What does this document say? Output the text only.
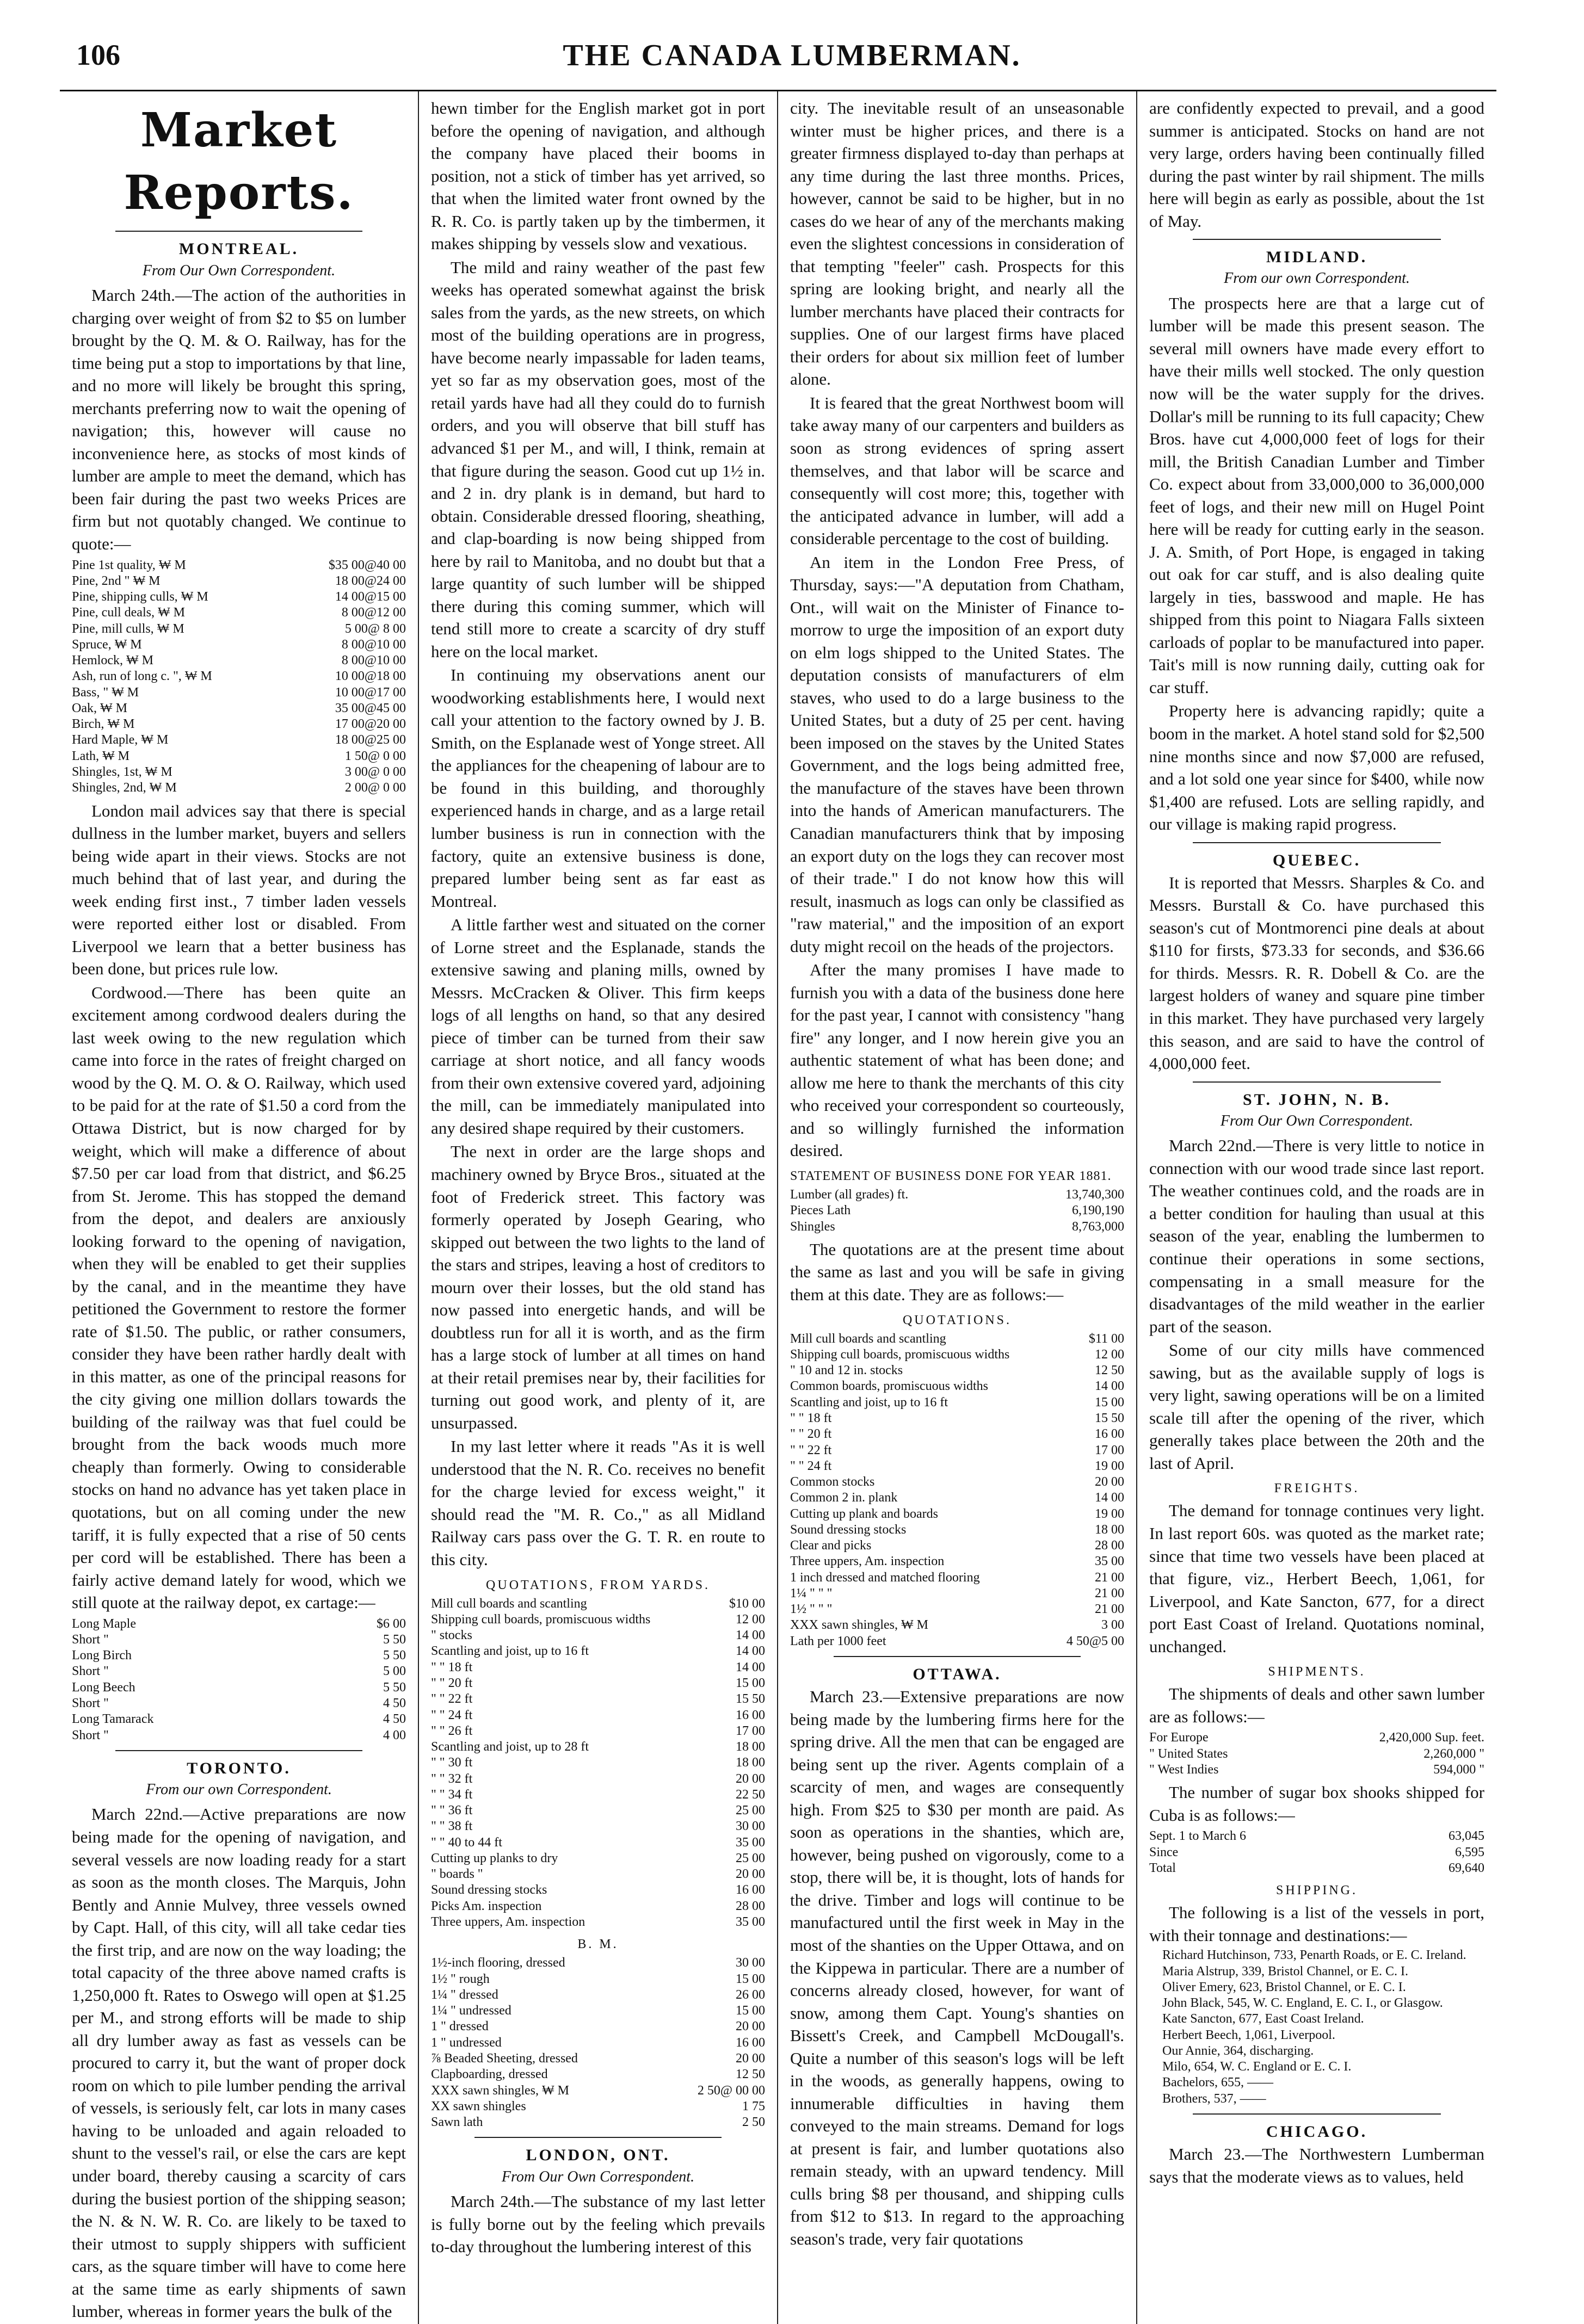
106	THE CANADA LUMBERMAN.
Market Reports.
MONTREAL.
From Our Own Correspondent.

March 24th.—The action of the authorities in charging over weight of from $2 to $5 on lumber brought by the Q. M. & O. Railway, has for the time being put a stop to importations by that line, and no more will likely be brought this spring, merchants preferring now to wait the opening of navigation; this, however will cause no inconvenience here, as stocks of most kinds of lumber are ample to meet the demand, which has been fair during the past two weeks Prices are firm but not quotably changed. We continue to quote:—

Pine 1st quality, ₩ M	$35 00@40 00
Pine, 2nd " ₩ M	18 00@24 00
Pine, shipping culls, ₩ M	14 00@15 00
Pine, cull deals, ₩ M	8 00@12 00
Pine, mill culls, ₩ M	5 00@ 8 00
Spruce, ₩ M	8 00@10 00
Hemlock, ₩ M	8 00@10 00
Ash, run of long c. ", ₩ M	10 00@18 00
Bass, " ₩ M	10 00@17 00
Oak, ₩ M	35 00@45 00
Birch, ₩ M	17 00@20 00
Hard Maple, ₩ M	18 00@25 00
Lath, ₩ M	1 50@ 0 00
Shingles, 1st, ₩ M	3 00@ 0 00
Shingles, 2nd, ₩ M	2 00@ 0 00

London mail advices say that there is special dullness in the lumber market, buyers and sellers being wide apart in their views. Stocks are not much behind that of last year, and during the week ending first inst., 7 timber laden vessels were reported either lost or disabled. From Liverpool we learn that a better business has been done, but prices rule low.

Cordwood.—There has been quite an excitement among cordwood dealers during the last week owing to the new regulation which came into force in the rates of freight charged on wood by the Q. M. O. & O. Railway, which used to be paid for at the rate of $1.50 a cord from the Ottawa District, but is now charged for by weight, which will make a difference of about $7.50 per car load from that district, and $6.25 from St. Jerome. This has stopped the demand from the depot, and dealers are anxiously looking forward to the opening of navigation, when they will be enabled to get their supplies by the canal, and in the meantime they have petitioned the Government to restore the former rate of $1.50. The public, or rather consumers, consider they have been rather hardly dealt with in this matter, as one of the principal reasons for the city giving one million dollars towards the building of the railway was that fuel could be brought from the back woods much more cheaply than formerly. Owing to considerable stocks on hand no advance has yet taken place in quotations, but on all coming under the new tariff, it is fully expected that a rise of 50 cents per cord will be established. There has been a fairly active demand lately for wood, which we still quote at the railway depot, ex cartage:—

Long Maple	$6 00
Short "	5 50
Long Birch	5 50
Short "	5 00
Long Beech	5 50
Short "	4 50
Long Tamarack	4 50
Short "	4 00
TORONTO.
From our own Correspondent.

March 22nd.—Active preparations are now being made for the opening of navigation, and several vessels are now loading ready for a start as soon as the month closes. The Marquis, John Bently and Annie Mulvey, three vessels owned by Capt. Hall, of this city, will all take cedar ties the first trip, and are now on the way loading; the total capacity of the three above named crafts is 1,250,000 ft. Rates to Oswego will open at $1.25 per M., and strong efforts will be made to ship all dry lumber away as fast as vessels can be procured to carry it, but the want of proper dock room on which to pile lumber pending the arrival of vessels, is seriously felt, car lots in many cases having to be unloaded and again reloaded to shunt to the vessel's rail, or else the cars are kept under board, thereby causing a scarcity of cars during the busiest portion of the shipping season; the N. & N. W. R. Co. are likely to be taxed to their utmost to supply shippers with sufficient cars, as the square timber will have to come here at the same time as early shipments of sawn lumber, whereas in former years the bulk of the

hewn timber for the English market got in port before the opening of navigation, and although the company have placed their booms in position, not a stick of timber has yet arrived, so that when the limited water front owned by the R. R. Co. is partly taken up by the timbermen, it makes shipping by vessels slow and vexatious.

The mild and rainy weather of the past few weeks has operated somewhat against the brisk sales from the yards, as the new streets, on which most of the building operations are in progress, have become nearly impassable for laden teams, yet so far as my observation goes, most of the retail yards have had all they could do to furnish orders, and you will observe that bill stuff has advanced $1 per M., and will, I think, remain at that figure during the season. Good cut up 1½ in. and 2 in. dry plank is in demand, but hard to obtain. Considerable dressed flooring, sheathing, and clap-boarding is now being shipped from here by rail to Manitoba, and no doubt but that a large quantity of such lumber will be shipped there during this coming summer, which will tend still more to create a scarcity of dry stuff here on the local market.

In continuing my observations anent our woodworking establishments here, I would next call your attention to the factory owned by J. B. Smith, on the Esplanade west of Yonge street. All the appliances for the cheapening of labour are to be found in this building, and thoroughly experienced hands in charge, and as a large retail lumber business is run in connection with the factory, quite an extensive business is done, prepared lumber being sent as far east as Montreal.

A little farther west and situated on the corner of Lorne street and the Esplanade, stands the extensive sawing and planing mills, owned by Messrs. McCracken & Oliver. This firm keeps logs of all lengths on hand, so that any desired piece of timber can be turned from their saw carriage at short notice, and all fancy woods from their own extensive covered yard, adjoining the mill, can be immediately manipulated into any desired shape required by their customers.

The next in order are the large shops and machinery owned by Bryce Bros., situated at the foot of Frederick street. This factory was formerly operated by Joseph Gearing, who skipped out between the two lights to the land of the stars and stripes, leaving a host of creditors to mourn over their losses, but the old stand has now passed into energetic hands, and will be doubtless run for all it is worth, and as the firm has a large stock of lumber at all times on hand at their retail premises near by, their facilities for turning out good work, and plenty of it, are unsurpassed.

In my last letter where it reads "As it is well understood that the N. R. Co. receives no benefit for the charge levied for excess weight," it should read the "M. R. Co.," as all Midland Railway cars pass over the G. T. R. en route to this city.

QUOTATIONS, FROM YARDS.
Mill cull boards and scantling	$10 00
Shipping cull boards, promiscuous widths	12 00
" stocks	14 00
Scantling and joist, up to 16 ft	14 00
" " 18 ft	14 00
" " 20 ft	15 00
" " 22 ft	15 50
" " 24 ft	16 00
" " 26 ft	17 00
Scantling and joist, up to 28 ft	18 00
" " 30 ft	18 00
" " 32 ft	20 00
" " 34 ft	22 50
" " 36 ft	25 00
" " 38 ft	30 00
" " 40 to 44 ft	35 00
Cutting up planks to dry	25 00
" boards "	20 00
Sound dressing stocks	16 00
Picks Am. inspection	28 00
Three uppers, Am. inspection	35 00
B. M.
1½-inch flooring, dressed	30 00
1½ " rough	15 00
1¼ " dressed	26 00
1¼ " undressed	15 00
1 " dressed	20 00
1 " undressed	16 00
⅞ Beaded Sheeting, dressed	20 00
Clapboarding, dressed	12 50
XXX sawn shingles, ₩ M	2 50@ 00 00
XX sawn shingles	1 75
Sawn lath	2 50
LONDON, ONT.
From Our Own Correspondent.

March 24th.—The substance of my last letter is fully borne out by the feeling which prevails to-day throughout the lumbering interest of this

city. The inevitable result of an unseasonable winter must be higher prices, and there is a greater firmness displayed to-day than perhaps at any time during the last three months. Prices, however, cannot be said to be higher, but in no cases do we hear of any of the merchants making even the slightest concessions in consideration of that tempting "feeler" cash. Prospects for this spring are looking bright, and nearly all the lumber merchants have placed their contracts for supplies. One of our largest firms have placed their orders for about six million feet of lumber alone.

It is feared that the great Northwest boom will take away many of our carpenters and builders as soon as strong evidences of spring assert themselves, and that labor will be scarce and consequently will cost more; this, together with the anticipated advance in lumber, will add a considerable percentage to the cost of building.

An item in the London Free Press, of Thursday, says:—"A deputation from Chatham, Ont., will wait on the Minister of Finance to-morrow to urge the imposition of an export duty on elm logs shipped to the United States. The deputation consists of manufacturers of elm staves, who used to do a large business to the United States, but a duty of 25 per cent. having been imposed on the staves by the United States Government, and the logs being admitted free, the manufacture of the staves have been thrown into the hands of American manufacturers. The Canadian manufacturers think that by imposing an export duty on the logs they can recover most of their trade." I do not know how this will result, inasmuch as logs can only be classified as "raw material," and the imposition of an export duty might recoil on the heads of the projectors.

After the many promises I have made to furnish you with a data of the business done here for the past year, I cannot with consistency "hang fire" any longer, and I now herein give you an authentic statement of what has been done; and allow me here to thank the merchants of this city who received your correspondent so courteously, and so willingly furnished the information desired.

STATEMENT OF BUSINESS DONE FOR YEAR 1881.
Lumber (all grades) ft.	13,740,300
Pieces Lath	6,190,190
Shingles	8,763,000

The quotations are at the present time about the same as last and you will be safe in giving them at this date. They are as follows:—

QUOTATIONS.
Mill cull boards and scantling	$11 00
Shipping cull boards, promiscuous widths	12 00
" 10 and 12 in. stocks	12 50
Common boards, promiscuous widths	14 00
Scantling and joist, up to 16 ft	15 00
" " 18 ft	15 50
" " 20 ft	16 00
" " 22 ft	17 00
" " 24 ft	19 00
Common stocks	20 00
Common 2 in. plank	14 00
Cutting up plank and boards	19 00
Sound dressing stocks	18 00
Clear and picks	28 00
Three uppers, Am. inspection	35 00
1 inch dressed and matched flooring	21 00
1¼ " " "	21 00
1½ " " "	21 00
XXX sawn shingles, ₩ M	3 00
Lath per 1000 feet	4 50@5 00
OTTAWA.

March 23.—Extensive preparations are now being made by the lumbering firms here for the spring drive. All the men that can be engaged are being sent up the river. Agents complain of a scarcity of men, and wages are consequently high. From $25 to $30 per month are paid. As soon as operations in the shanties, which are, however, being pushed on vigorously, come to a stop, there will be, it is thought, lots of hands for the drive. Timber and logs will continue to be manufactured until the first week in May in the most of the shanties on the Upper Ottawa, and on the Kippewa in particular. There are a number of concerns already closed, however, for want of snow, among them Capt. Young's shanties on Bissett's Creek, and Campbell McDougall's. Quite a number of this season's logs will be left in the woods, as generally happens, owing to innumerable difficulties in having them conveyed to the main streams. Demand for logs at present is fair, and lumber quotations also remain steady, with an upward tendency. Mill culls bring $8 per thousand, and shipping culls from $12 to $13. In regard to the approaching season's trade, very fair quotations

are confidently expected to prevail, and a good summer is anticipated. Stocks on hand are not very large, orders having been continually filled during the past winter by rail shipment. The mills here will begin as early as possible, about the 1st of May.

MIDLAND.
From our own Correspondent.

The prospects here are that a large cut of lumber will be made this present season. The several mill owners have made every effort to have their mills well stocked. The only question now will be the water supply for the drives. Dollar's mill be running to its full capacity; Chew Bros. have cut 4,000,000 feet of logs for their mill, the British Canadian Lumber and Timber Co. expect about from 33,000,000 to 36,000,000 feet of logs, and their new mill on Hugel Point here will be ready for cutting early in the season. J. A. Smith, of Port Hope, is engaged in taking out oak for car stuff, and is also dealing quite largely in ties, basswood and maple. He has shipped from this point to Niagara Falls sixteen carloads of poplar to be manufactured into paper. Tait's mill is now running daily, cutting oak for car stuff.

Property here is advancing rapidly; quite a boom in the market. A hotel stand sold for $2,500 nine months since and now $7,000 are refused, and a lot sold one year since for $400, while now $1,400 are refused. Lots are selling rapidly, and our village is making rapid progress.

QUEBEC.

It is reported that Messrs. Sharples & Co. and Messrs. Burstall & Co. have purchased this season's cut of Montmorenci pine deals at about $110 for firsts, $73.33 for seconds, and $36.66 for thirds. Messrs. R. R. Dobell & Co. are the largest holders of waney and square pine timber in this market. They have purchased very largely this season, and are said to have the control of 4,000,000 feet.

ST. JOHN, N. B.
From Our Own Correspondent.

March 22nd.—There is very little to notice in connection with our wood trade since last report. The weather continues cold, and the roads are in a better condition for hauling than usual at this season of the year, enabling the lumbermen to continue their operations in some sections, compensating in a small measure for the disadvantages of the mild weather in the earlier part of the season.

Some of our city mills have commenced sawing, but as the available supply of logs is very light, sawing operations will be on a limited scale till after the opening of the river, which generally takes place between the 20th and the last of April.

FREIGHTS.

The demand for tonnage continues very light. In last report 60s. was quoted as the market rate; since that time two vessels have been placed at that figure, viz., Herbert Beech, 1,061, for Liverpool, and Kate Sancton, 677, for a direct port East Coast of Ireland. Quotations nominal, unchanged.

SHIPMENTS.

The shipments of deals and other sawn lumber are as follows:—

For Europe	2,420,000 Sup. feet.
" United States	2,260,000 "
" West Indies	594,000 "

The number of sugar box shooks shipped for Cuba is as follows:—

Sept. 1 to March 6	63,045
Since	6,595
Total	69,640
SHIPPING.

The following is a list of the vessels in port, with their tonnage and destinations:—

Richard Hutchinson, 733, Penarth Roads, or E. C. Ireland.
Maria Alstrup, 339, Bristol Channel, or E. C. I.
Oliver Emery, 623, Bristol Channel, or E. C. I.
John Black, 545, W. C. England, E. C. I., or Glasgow.
Kate Sancton, 677, East Coast Ireland.
Herbert Beech, 1,061, Liverpool.
Our Annie, 364, discharging.
Milo, 654, W. C. England or E. C. I.
Bachelors, 655, ——
Brothers, 537, ——
CHICAGO.

March 23.—The Northwestern Lumberman says that the moderate views as to values, held
